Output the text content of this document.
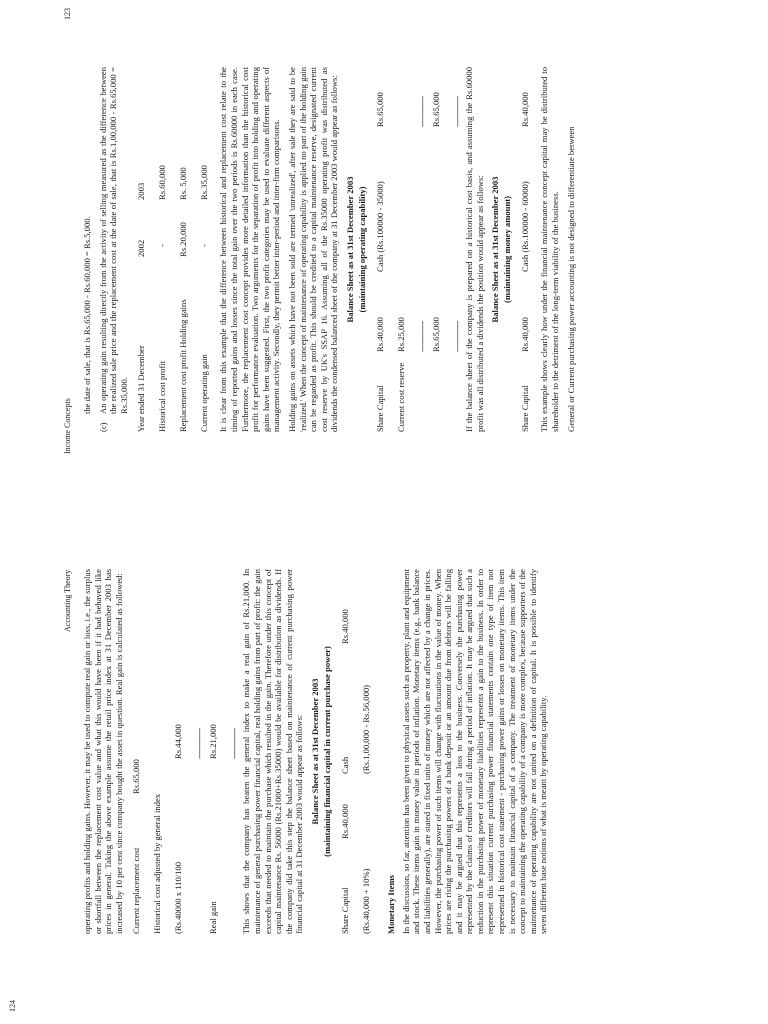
124
Accounting Theory operating profits and holding gains. However, it may be used to compute real gain or loss, i.e., the surplus or shortfall between the replacement cost value and what this would have been if it had behaved like prices in general. Taking the above example assume the retail price index at 31 December 2003 has increased by 10 per cent since company bought the asset in question. Real gain is calculated as followed: Current replacement cost
Rs.65,000
Historical cost adjusted by general index (Rs.40000 x 110/100
Rs.44,000 -------------
Real gain
Rs.21,000 ------------- This shows that the company has beaten the general index to make a real gain of Rs.21,000. In maintenance of general purchasing power financial capital, real holding gains from part of profit: the gain exceeds that needed to maintain the purchase which resulted in the gain. Therefore under this concept of capital maintenance Rs. 56000 (Rs.21000+Rs.35000) would be available for distribution as dividends. If the company did take this step the balance sheet based on maintenance of current purchasing power financial capital at 31 December 2003 would appear as follows: Balance Sheet as at 31st December 2003 (maintaining financial capital in current purchase power)
Share Capital
Rs.40,000
Cash
Rs.40,000
(Rs.40,000 + 10%)
(Rs.1,00,000 - Rs.56,000)
Monetary Items In the discussion, so far, attention has been given to physical assets such as property, plant and equipment and stock. These items gain in money value in periods of inflation. Monetary items (e.g., bank balance and liabilities generally), are stated in fixed units of money which are not affected by a change in prices. However, the purchasing power of such items will change with fluctuations in the value of money. When prices are rising the purchasing powers of a bank deposit or an amount due from debtors will be falling and it may be argued that this represents a loss to the business. Conversely the purchasing power represented by the claims of creditors will fall during a period of inflation. It may be argued that such a reduction in the purchasing power of monetary liabilities represents a gain to the business. In order to represent this situation current purchasing power financial statements contain one type of item not represented in historical cost statement - purchasing power gains or losses on monetary items. This item is necessary to maintain financial capital of a company. The treatment of monetary items under the concept to maintaining the operating capability of a company is more complex, because supporters of the maintenance of operating capability are not united on a definition of capital. It is possible to identify seven different base notions of what is meant by operating capability.

Income Concepts
123

the date of sale, that is Rs.65,000 - Rs.60,000 = Rs.5,000.

(c)

An operating gain resulting directly from the activity of selling measured as the difference between the realized sale price and the replacement cost at the date of sale, that is Rs.1,00,000 - Rs.65,000 = Rs.35,000. Year ended 31 December
2002
2003
Historical cost profit
-
Rs.60,000
Replacement cost profit Holding gains
Rs.20,000
Rs. 5,000
Current operating gain
-
Rs.35,000 It is clear from this example that the difference between historical and replacement cost relate to the timing of reported gains and losses since the total gain over the two periods is Rs.60000 in each case. Furthermore, the replacement cost concept provides more detailed information than the historical cost profit for performance evaluation. Two arguments for the separation of profit into holding and operating gains have been suggested. First, the two profit categories may be used to evaluate different aspects of management activity. Secondly, they permit better inter-period and inter-firm comparisons. Holding gains on assets which have not been sold are termed 'unrealized', after sale they are said to be 'realized.' When the concept of maintenance of operating capability is applied no part of the holding gain can be regarded as profit. This should be credited to a capital maintenance reserve, designated current cost reserve by UK's SSAP 16. Assuming all of the Rs.35000 operating profit was distributed as dividends the condensed balanced sheet of the company at 31 December 2003 would appear as follows: Balance Sheet as at 31st December 2003 (maintaining operating capability)
Share Capital
Rs.40,000
Cash (Rs.100000 - 35000)
Rs.65,000
Current cost reserve
Rs.25,000 -------------
-------------
Rs.65,000
Rs.65,000
-------------
------------- If the balance sheet of the company is prepared on a historical cost basis, and assuming the Rs.60000 profit was all distributed a dividends the position would appear as follows: Balance Sheet as at 31st December 2003 (maintaining money amount)
Share Capital
Rs.40,000
Cash (Rs.100000 - 60000)
Rs.40,000 This example shows clearly how under the financial maintenance concept capital may be distributed to shareholder to the detriment of the long-term viability of the business. General or Current purchasing power accounting is not designed to differentiate between
